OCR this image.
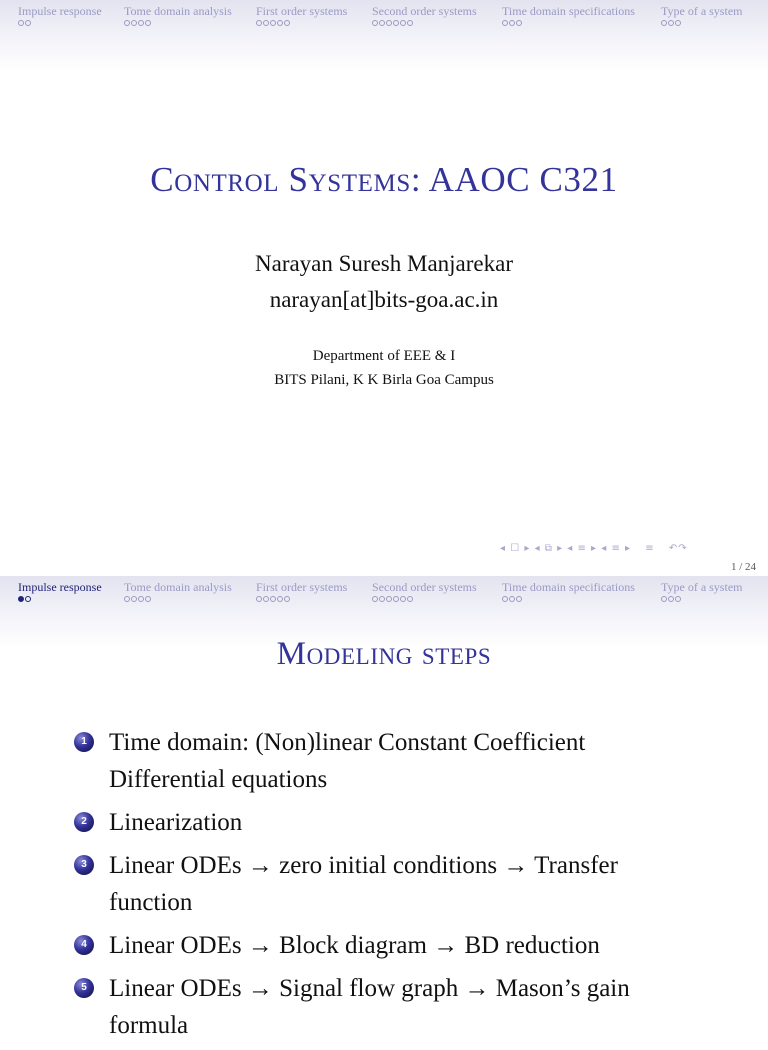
Impulse response Tome domain analysis First order systems Second order systems Time domain specifications Type of a system
Control Systems: AAOC C321
Narayan Suresh Manjarekar
narayan[at]bits-goa.ac.in
Department of EEE & I
BITS Pilani, K K Birla Goa Campus
◂ ☐ ▸ ◂ ⧉ ▸ ◂ ≡ ▸ ◂ ≡ ▸ ≡ ↶↷
1 / 24
Impulse response Tome domain analysis First order systems Second order systems Time domain specifications Type of a system
Modeling steps
1 Time domain: (Non)linear Constant Coefficient Differential equations
2 Linearization
3 Linear ODEs → zero initial conditions → Transfer function
4 Linear ODEs → Block diagram → BD reduction
5 Linear ODEs → Signal flow graph → Mason’s gain formula
